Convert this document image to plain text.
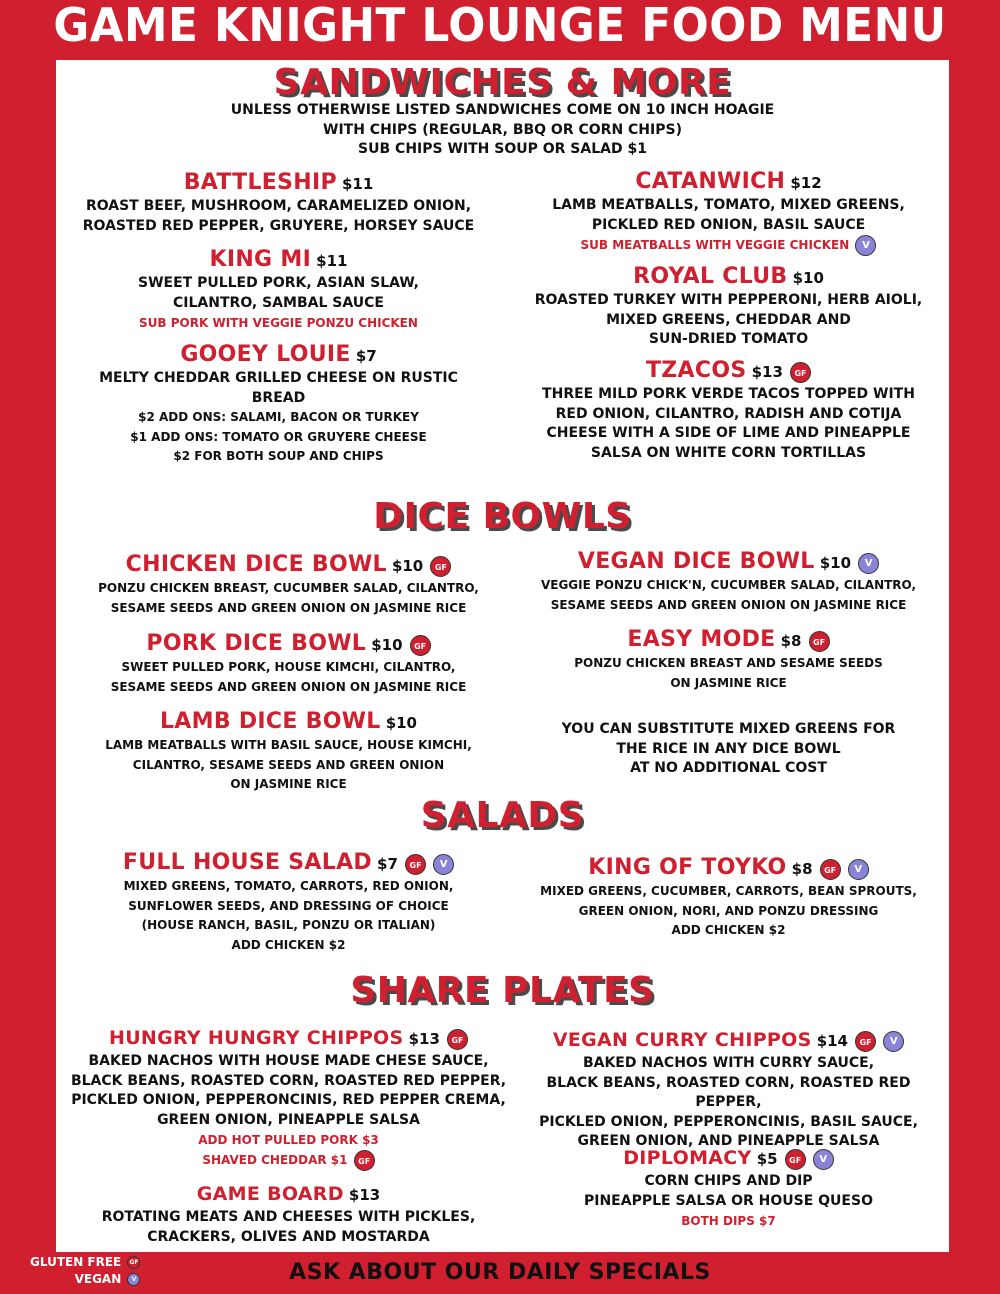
GAME KNIGHT LOUNGE FOOD MENU
SANDWICHES & MORE
UNLESS OTHERWISE LISTED SANDWICHES COME ON 10 INCH HOAGIE
WITH CHIPS (REGULAR, BBQ OR CORN CHIPS)
SUB CHIPS WITH SOUP OR SALAD $1
BATTLESHIP $11
ROAST BEEF, MUSHROOM, CARAMELIZED ONION,
ROASTED RED PEPPER, GRUYERE, HORSEY SAUCE
KING MI $11
SWEET PULLED PORK, ASIAN SLAW,
CILANTRO, SAMBAL SAUCE
SUB PORK WITH VEGGIE PONZU CHICKEN
GOOEY LOUIE $7
MELTY CHEDDAR GRILLED CHEESE ON RUSTIC
BREAD
$2 ADD ONS: SALAMI, BACON OR TURKEY
$1 ADD ONS: TOMATO OR GRUYERE CHEESE
$2 FOR BOTH SOUP AND CHIPS
CATANWICH $12
LAMB MEATBALLS, TOMATO, MIXED GREENS,
PICKLED RED ONION, BASIL SAUCE
SUB MEATBALLS WITH VEGGIE CHICKEN V
ROYAL CLUB $10
ROASTED TURKEY WITH PEPPERONI, HERB AIOLI,
MIXED GREENS, CHEDDAR AND
SUN-DRIED TOMATO
TZACOS $13 GF
THREE MILD PORK VERDE TACOS TOPPED WITH
RED ONION, CILANTRO, RADISH AND COTIJA
CHEESE WITH A SIDE OF LIME AND PINEAPPLE
SALSA ON WHITE CORN TORTILLAS
DICE BOWLS
CHICKEN DICE BOWL $10 GF
PONZU CHICKEN BREAST, CUCUMBER SALAD, CILANTRO,
SESAME SEEDS AND GREEN ONION ON JASMINE RICE
PORK DICE BOWL $10 GF
SWEET PULLED PORK, HOUSE KIMCHI, CILANTRO,
SESAME SEEDS AND GREEN ONION ON JASMINE RICE
LAMB DICE BOWL $10
LAMB MEATBALLS WITH BASIL SAUCE, HOUSE KIMCHI,
CILANTRO, SESAME SEEDS AND GREEN ONION
ON JASMINE RICE
VEGAN DICE BOWL $10 V
VEGGIE PONZU CHICK'N, CUCUMBER SALAD, CILANTRO,
SESAME SEEDS AND GREEN ONION ON JASMINE RICE
EASY MODE $8 GF
PONZU CHICKEN BREAST AND SESAME SEEDS
ON JASMINE RICE
YOU CAN SUBSTITUTE MIXED GREENS FOR
THE RICE IN ANY DICE BOWL
AT NO ADDITIONAL COST
SALADS
FULL HOUSE SALAD $7 GF V
MIXED GREENS, TOMATO, CARROTS, RED ONION,
SUNFLOWER SEEDS, AND DRESSING OF CHOICE
(HOUSE RANCH, BASIL, PONZU OR ITALIAN)
ADD CHICKEN $2
KING OF TOYKO $8 GF V
MIXED GREENS, CUCUMBER, CARROTS, BEAN SPROUTS,
GREEN ONION, NORI, AND PONZU DRESSING
ADD CHICKEN $2
SHARE PLATES
HUNGRY HUNGRY CHIPPOS $13 GF
BAKED NACHOS WITH HOUSE MADE CHESE SAUCE,
BLACK BEANS, ROASTED CORN, ROASTED RED PEPPER,
PICKLED ONION, PEPPERONCINIS, RED PEPPER CREMA,
GREEN ONION, PINEAPPLE SALSA
ADD HOT PULLED PORK $3
SHAVED CHEDDAR $1 GF
GAME BOARD $13
ROTATING MEATS AND CHEESES WITH PICKLES,
CRACKERS, OLIVES AND MOSTARDA
VEGAN CURRY CHIPPOS $14 GF V
BAKED NACHOS WITH CURRY SAUCE,
BLACK BEANS, ROASTED CORN, ROASTED RED PEPPER,
PICKLED ONION, PEPPERONCINIS, BASIL SAUCE,
GREEN ONION, AND PINEAPPLE SALSA
DIPLOMACY $5 GF V
CORN CHIPS AND DIP
PINEAPPLE SALSA OR HOUSE QUESO
BOTH DIPS $7
GLUTEN FREE GF
VEGAN V	ASK ABOUT OUR DAILY SPECIALS
